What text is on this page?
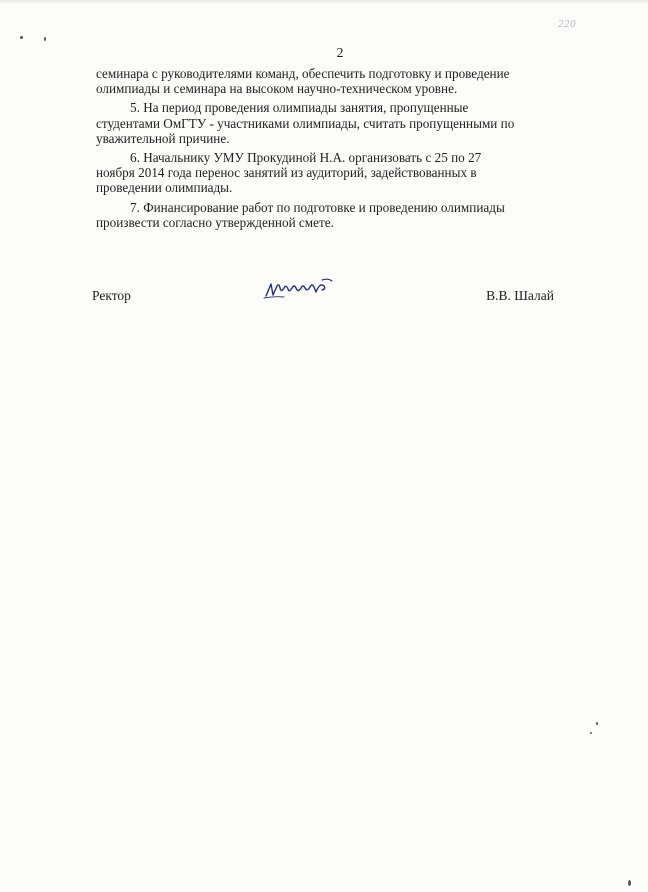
220
2
семинара с руководителями команд, обеспечить подготовку и проведение
олимпиады и семинара на высоком научно-техническом уровне.
5. На период проведения олимпиады занятия, пропущенные
студентами ОмГТУ - участниками олимпиады, считать пропущенными по
уважительной причине.
6. Начальнику УМУ Прокудиной Н.А. организовать с 25 по 27
ноября 2014 года перенос занятий из аудиторий, задействованных в
проведении олимпиады.
7. Финансирование работ по подготовке и проведению олимпиады
произвести согласно утвержденной смете.
Ректор	В.В. Шалай
